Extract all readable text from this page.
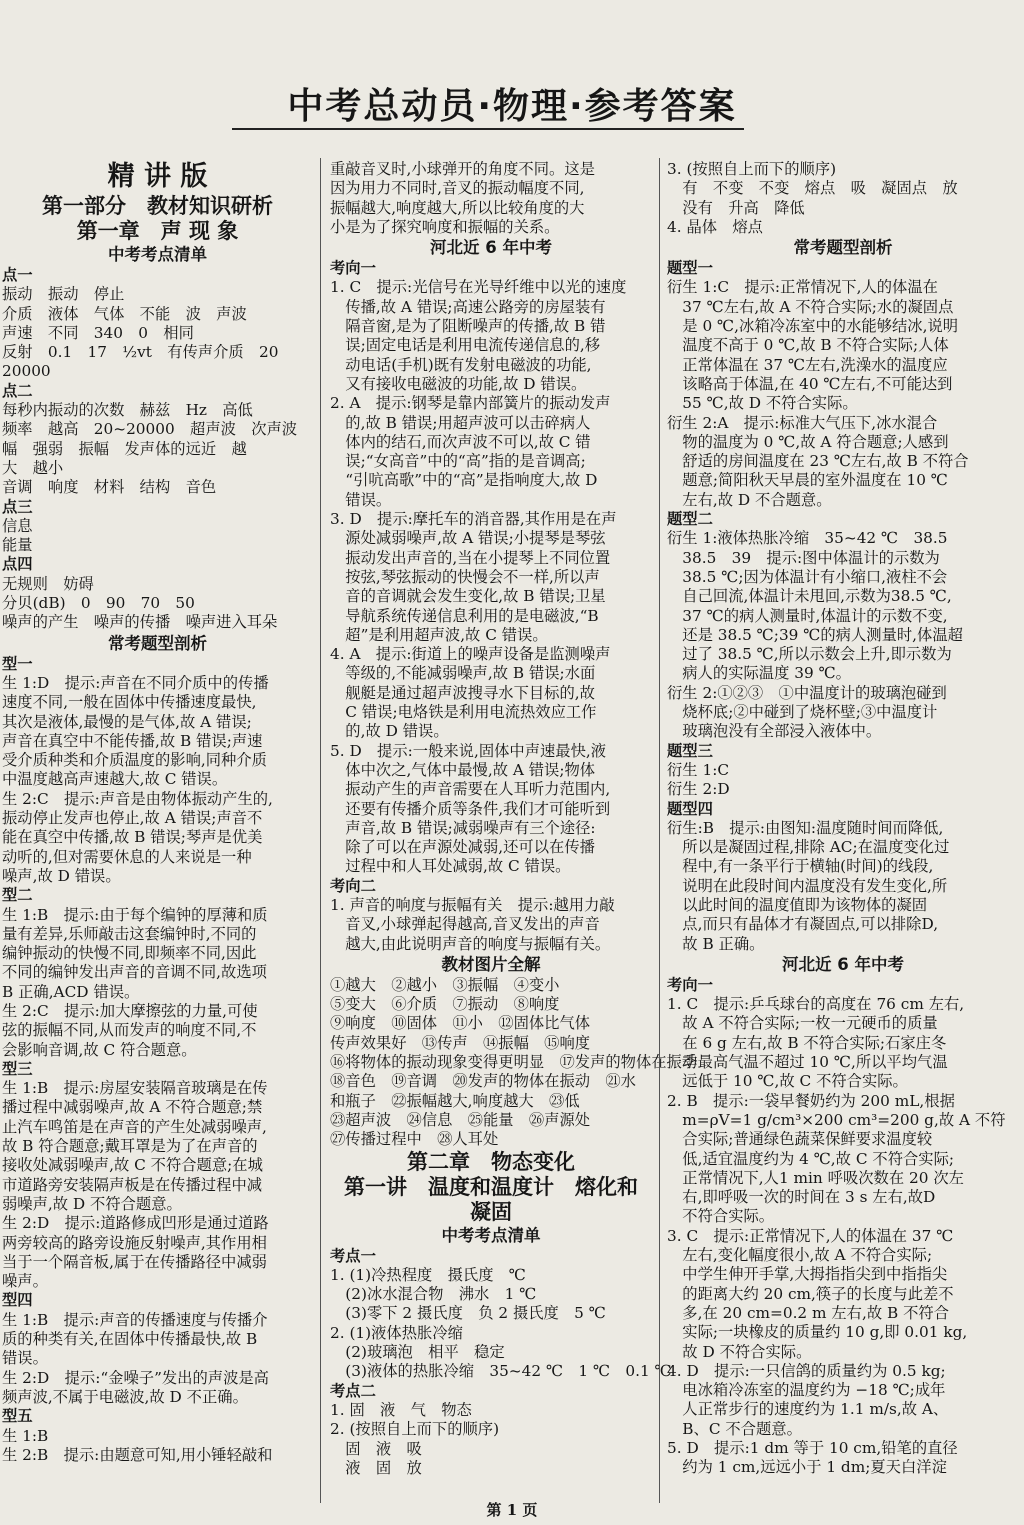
中考总动员·物理·参考答案
精 讲 版
第一部分　教材知识研析
第一章　声 现 象
中考考点清单
点一
振动　振动　停止
介质　液体　气体　不能　波　声波
声速　不同　340　0　相同
反射　0.1　17　½vt　有传声介质　20
20000
点二
每秒内振动的次数　赫兹　Hz　高低
频率　越高　20~20000　超声波　次声波
幅　强弱　振幅　发声体的远近　越
大　越小
音调　响度　材料　结构　音色
点三
信息
能量
点四
无规则　妨碍
分贝(dB)　0　90　70　50
噪声的产生　噪声的传播　噪声进入耳朵
常考题型剖析
型一
生 1:D　提示:声音在不同介质中的传播
速度不同,一般在固体中传播速度最快,
其次是液体,最慢的是气体,故 A 错误;
声音在真空中不能传播,故 B 错误;声速
受介质种类和介质温度的影响,同种介质
中温度越高声速越大,故 C 错误。
生 2:C　提示:声音是由物体振动产生的,
振动停止发声也停止,故 A 错误;声音不
能在真空中传播,故 B 错误;琴声是优美
动听的,但对需要休息的人来说是一种
噪声,故 D 错误。
型二
生 1:B　提示:由于每个编钟的厚薄和质
量有差异,乐师敲击这套编钟时,不同的
编钟振动的快慢不同,即频率不同,因此
不同的编钟发出声音的音调不同,故选项
B 正确,ACD 错误。
生 2:C　提示:加大摩擦弦的力量,可使
弦的振幅不同,从而发声的响度不同,不
会影响音调,故 C 符合题意。
型三
生 1:B　提示:房屋安装隔音玻璃是在传
播过程中减弱噪声,故 A 不符合题意;禁
止汽车鸣笛是在声音的产生处减弱噪声,
故 B 符合题意;戴耳罩是为了在声音的
接收处减弱噪声,故 C 不符合题意;在城
市道路旁安装隔声板是在传播过程中减
弱噪声,故 D 不符合题意。
生 2:D　提示:道路修成凹形是通过道路
两旁较高的路旁设施反射噪声,其作用相
当于一个隔音板,属于在传播路径中减弱
噪声。
型四
生 1:B　提示:声音的传播速度与传播介
质的种类有关,在固体中传播最快,故 B
错误。
生 2:D　提示:“金噪子”发出的声波是高
频声波,不属于电磁波,故 D 不正确。
型五
生 1:B
生 2:B　提示:由题意可知,用小锤轻敲和
重敲音叉时,小球弹开的角度不同。这是
因为用力不同时,音叉的振动幅度不同,
振幅越大,响度越大,所以比较角度的大
小是为了探究响度和振幅的关系。
河北近 6 年中考
考向一
1. C　提示:光信号在光导纤维中以光的速度
　传播,故 A 错误;高速公路旁的房屋装有
　隔音窗,是为了阻断噪声的传播,故 B 错
　误;固定电话是利用电流传递信息的,移
　动电话(手机)既有发射电磁波的功能,
　又有接收电磁波的功能,故 D 错误。
2. A　提示:钢琴是靠内部簧片的振动发声
　的,故 B 错误;用超声波可以击碎病人
　体内的结石,而次声波不可以,故 C 错
　误;“女高音”中的“高”指的是音调高;
　“引吭高歌”中的“高”是指响度大,故 D
　错误。
3. D　提示:摩托车的消音器,其作用是在声
　源处减弱噪声,故 A 错误;小提琴是琴弦
　振动发出声音的,当在小提琴上不同位置
　按弦,琴弦振动的快慢会不一样,所以声
　音的音调就会发生变化,故 B 错误;卫星
　导航系统传递信息利用的是电磁波,“B
　超”是利用超声波,故 C 错误。
4. A　提示:街道上的噪声设备是监测噪声
　等级的,不能减弱噪声,故 B 错误;水面
　舰艇是通过超声波搜寻水下目标的,故
　C 错误;电烙铁是利用电流热效应工作
　的,故 D 错误。
5. D　提示:一般来说,固体中声速最快,液
　体中次之,气体中最慢,故 A 错误;物体
　振动产生的声音需要在人耳听力范围内,
　还要有传播介质等条件,我们才可能听到
　声音,故 B 错误;减弱噪声有三个途径:
　除了可以在声源处减弱,还可以在传播
　过程中和人耳处减弱,故 C 错误。
考向二
1. 声音的响度与振幅有关　提示:越用力敲
　音叉,小球弹起得越高,音叉发出的声音
　越大,由此说明声音的响度与振幅有关。
教材图片全解
①越大　②越小　③振幅　④变小
⑤变大　⑥介质　⑦振动　⑧响度
⑨响度　⑩固体　⑪小　⑫固体比气体
传声效果好　⑬传声　⑭振幅　⑮响度
⑯将物体的振动现象变得更明显　⑰发声的物体在振动
⑱音色　⑲音调　⑳发声的物体在振动　㉑水
和瓶子　㉒振幅越大,响度越大　㉓低
㉓超声波　㉔信息　㉕能量　㉖声源处
㉗传播过程中　㉘人耳处
第二章　物态变化
第一讲　温度和温度计　熔化和
凝固
中考考点清单
考点一
1. (1)冷热程度　摄氏度　℃
　(2)冰水混合物　沸水　1 ℃
　(3)零下 2 摄氏度　负 2 摄氏度　5 ℃
2. (1)液体热胀冷缩
　(2)玻璃泡　相平　稳定
　(3)液体的热胀冷缩　35~42 ℃　1 ℃　0.1 ℃
考点二
1. 固　液　气　物态
2. (按照自上而下的顺序)
　固　液　吸
　液　固　放
3. (按照自上而下的顺序)
　有　不变　不变　熔点　吸　凝固点　放
　没有　升高　降低
4. 晶体　熔点
常考题型剖析
题型一
衍生 1:C　提示:正常情况下,人的体温在
　37 ℃左右,故 A 不符合实际;水的凝固点
　是 0 ℃,冰箱冷冻室中的水能够结冰,说明
　温度不高于 0 ℃,故 B 不符合实际;人体
　正常体温在 37 ℃左右,洗澡水的温度应
　该略高于体温,在 40 ℃左右,不可能达到
　55 ℃,故 D 不符合实际。
衍生 2:A　提示:标准大气压下,冰水混合
　物的温度为 0 ℃,故 A 符合题意;人感到
　舒适的房间温度在 23 ℃左右,故 B 不符合
　题意;简阳秋天早晨的室外温度在 10 ℃
　左右,故 D 不合题意。
题型二
衍生 1:液体热胀冷缩　35~42 ℃　38.5
　38.5　39　提示:图中体温计的示数为
　38.5 ℃;因为体温计有小缩口,液柱不会
　自己回流,体温计未甩回,示数为38.5 ℃,
　37 ℃的病人测量时,体温计的示数不变,
　还是 38.5 ℃;39 ℃的病人测量时,体温超
　过了 38.5 ℃,所以示数会上升,即示数为
　病人的实际温度 39 ℃。
衍生 2:①②③　①中温度计的玻璃泡碰到
　烧杯底;②中碰到了烧杯壁;③中温度计
　玻璃泡没有全部浸入液体中。
题型三
衍生 1:C
衍生 2:D
题型四
衍生:B　提示:由图知:温度随时间而降低,
　所以是凝固过程,排除 AC;在温度变化过
　程中,有一条平行于横轴(时间)的线段,
　说明在此段时间内温度没有发生变化,所
　以此时间的温度值即为该物体的凝固
　点,而只有晶体才有凝固点,可以排除D,
　故 B 正确。
河北近 6 年中考
考向一
1. C　提示:乒乓球台的高度在 76 cm 左右,
　故 A 不符合实际;一枚一元硬币的质量
　在 6 g 左右,故 B 不符合实际;石家庄冬
　季最高气温不超过 10 ℃,所以平均气温
　远低于 10 ℃,故 C 不符合实际。
2. B　提示:一袋早餐奶约为 200 mL,根据
　m=ρV=1 g/cm³×200 cm³=200 g,故 A 不符
　合实际;普通绿色蔬菜保鲜要求温度较
　低,适宜温度约为 4 ℃,故 C 不符合实际;
　正常情况下,人1 min 呼吸次数在 20 次左
　右,即呼吸一次的时间在 3 s 左右,故D
　不符合实际。
3. C　提示:正常情况下,人的体温在 37 ℃
　左右,变化幅度很小,故 A 不符合实际;
　中学生伸开手掌,大拇指指尖到中指指尖
　的距离大约 20 cm,筷子的长度与此差不
　多,在 20 cm=0.2 m 左右,故 B 不符合
　实际;一块橡皮的质量约 10 g,即 0.01 kg,
　故 D 不符合实际。
4. D　提示:一只信鸽的质量约为 0.5 kg;
　电冰箱冷冻室的温度约为 −18 ℃;成年
　人正常步行的速度约为 1.1 m/s,故 A、
　B、C 不合题意。
5. D　提示:1 dm 等于 10 cm,铅笔的直径
　约为 1 cm,远远小于 1 dm;夏天白洋淀
第 1 页
